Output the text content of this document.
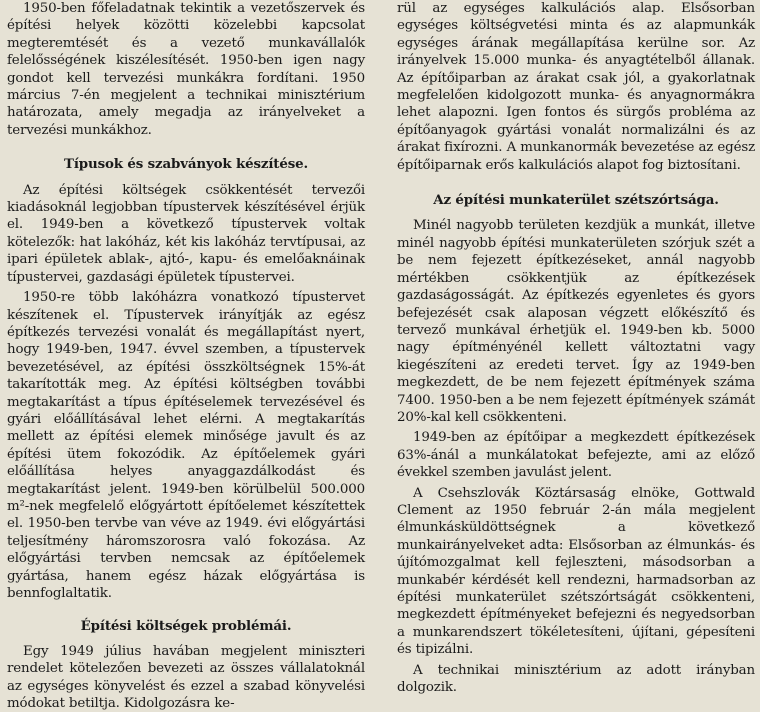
1950-ben főfeladatnak tekintik a vezetőszervek és építési helyek közötti közelebbi kapcsolat megteremtését és a vezető munkavállalók felelősségének kiszélesítését. 1950-ben igen nagy gondot kell tervezési munkákra fordítani. 1950 március 7-én megjelent a technikai minisztérium határozata, amely megadja az irányelveket a tervezési munkákhoz.

Típusok és szabványok készítése.

Az építési költségek csökkentését tervezői kiadásoknál legjobban típustervek készítésével érjük el. 1949-ben a következő típustervek voltak kötelezők: hat lakóház, két kis lakóház tervtípusai, az ipari épületek ablak-, ajtó-, kapu- és emelőaknáinak típustervei, gazdasági épületek típustervei.

1950-re több lakóházra vonatkozó típustervet készítenek el. Típustervek irányítják az egész építkezés tervezési vonalát és megállapítást nyert, hogy 1949-ben, 1947. évvel szemben, a típustervek bevezetésével, az építési összköltségnek 15%-át takarították meg. Az építési költségben további megtakarítást a típus építéselemek tervezésével és gyári előállításával lehet elérni. A megtakarítás mellett az építési elemek minősége javult és az építési ütem fokozódik. Az építőelemek gyári előállítása helyes anyaggazdálkodást és megtakarítást jelent. 1949-ben körülbelül 500.000 m²-nek megfelelő előgyártott építőelemet készítettek el. 1950-ben tervbe van véve az 1949. évi előgyártási teljesítmény háromszorosra való fokozása. Az előgyártási tervben nemcsak az építőelemek gyártása, hanem egész házak előgyártása is bennfoglaltatik.

Építési költségek problémái.

Egy 1949 július havában megjelent miniszteri rendelet kötelezően bevezeti az összes vállalatoknál az egységes könyvelést és ezzel a szabad könyvelési módokat betiltja. Kidolgozásra ke-

rül az egységes kalkulációs alap. Elsősorban egységes költségvetési minta és az alapmunkák egységes árának megállapítása kerülne sor. Az irányelvek 15.000 munka- és anyagtételből állanak. Az építőiparban az árakat csak jól, a gyakorlatnak megfelelően kidolgozott munka- és anyagnormákra lehet alapozni. Igen fontos és sürgős probléma az építőanyagok gyártási vonalát normalizálni és az árakat fixírozni. A munkanormák bevezetése az egész építőiparnak erős kalkulációs alapot fog biztosítani.

Az építési munkaterület szétszórtsága.

Minél nagyobb területen kezdjük a munkát, illetve minél nagyobb építési munkaterületen szórjuk szét a be nem fejezett építkezéseket, annál nagyobb mértékben csökkentjük az építkezések gazdaságosságát. Az építkezés egyenletes és gyors befejezését csak alaposan végzett előkészítő és tervező munkával érhetjük el. 1949-ben kb. 5000 nagy építményénél kellett változtatni vagy kiegészíteni az eredeti tervet. Így az 1949-ben megkezdett, de be nem fejezett építmények száma 7400. 1950-ben a be nem fejezett építmények számát 20%-kal kell csökkenteni.

1949-ben az építőipar a megkezdett építkezések 63%-ánál a munkálatokat befejezte, ami az előző évekkel szemben javulást jelent.

A Csehszlovák Köztársaság elnöke, Gottwald Clement az 1950 február 2-án mála megjelent élmunkásküldöttségnek a következő munkairányelveket adta: Elsősorban az élmunkás- és újítómozgalmat kell fejleszteni, másodsorban a munkabér kérdését kell rendezni, harmadsorban az építési munkaterület szétszórtságát csökkenteni, megkezdett építményeket befejezni és negyedsorban a munkarendszert tökéletesíteni, újítani, gépesíteni és tipizálni.

A technikai minisztérium az adott irányban dolgozik.
